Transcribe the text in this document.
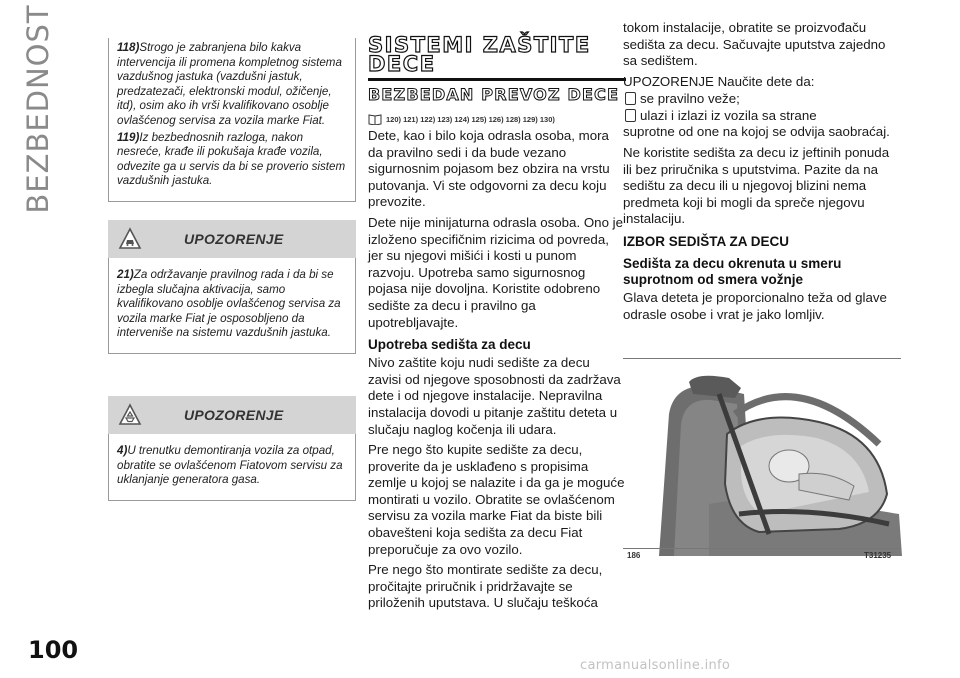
BEZBEDNOST	118)Strogo je zabranjena bilo kakva intervencija ili promena kompletnog sistema vazdušnog jastuka (vazdušni jastuk, predzatezači, elektronski modul, ožičenje, itd), osim ako ih vrši kvalifikovano osoblje ovlašćenog servisa za vozila marke Fiat.

119)Iz bezbednosnih razloga, nakon nesreće, krađe ili pokušaja krađe vozila, odvezite ga u servis da bi se proverio sistem vazdušnih jastuka.

UPOZORENJE

21)Za održavanje pravilnog rada i da bi se izbegla slučajna aktivacija, samo kvalifikovano osoblje ovlašćenog servisa za vozila marke Fiat je osposobljeno da interveniše na sistemu vazdušnih jastuka.

UPOZORENJE

4)U trenutku demontiranja vozila za otpad, obratite se ovlašćenom Fiatovom servisu za uklanjanje generatora gasa.

SISTEMI ZAŠTITE DECE
BEZBEDAN PREVOZ DECE
120) 121) 122) 123) 124) 125) 126) 128) 129) 130)

Dete, kao i bilo koja odrasla osoba, mora da pravilno sedi i da bude vezano sigurnosnim pojasom bez obzira na vrstu putovanja. Vi ste odgovorni za decu koju prevozite.

Dete nije minijaturna odrasla osoba. Ono je izloženo specifičnim rizicima od povreda, jer su njegovi mišići i kosti u punom razvoju. Upotreba samo sigurnosnog pojasa nije dovoljna. Koristite odobreno sedište za decu i pravilno ga upotrebljavajte.

Upotreba sedišta za decu

Nivo zaštite koju nudi sedište za decu zavisi od njegove sposobnosti da zadržava dete i od njegove instalacije. Nepravilna instalacija dovodi u pitanje zaštitu deteta u slučaju naglog kočenja ili udara.

Pre nego što kupite sedište za decu, proverite da je usklađeno s propisima zemlje u kojoj se nalazite i da ga je moguće montirati u vozilo. Obratite se ovlašćenom servisu za vozila marke Fiat da biste bili obavešteni koja sedišta za decu Fiat preporučuje za ovo vozilo.

Pre nego što montirate sedište za decu, pročitajte priručnik i pridržavajte se priloženih uputstava. U slučaju teškoća

tokom instalacije, obratite se proizvođaču sedišta za decu. Sačuvajte uputstva zajedno sa sedištem.

UPOZORENJE Naučite dete da:

se pravilno veže;
ulazi i izlazi iz vozila sa strane

suprotne od one na kojoj se odvija saobraćaj.

Ne koristite sedišta za decu iz jeftinih ponuda ili bez priručnika s uputstvima. Pazite da na sedištu za decu ili u njegovoj blizini nema predmeta koji bi mogli da spreče njegovu instalaciju.

IZBOR SEDIŠTA ZA DECU
Sedišta za decu okrenuta u smeru suprotnom od smera vožnje

Glava deteta je proporcionalno teža od glave odrasle osobe i vrat je jako lomljiv.

186	T31235
100
carmanualsonline.info
